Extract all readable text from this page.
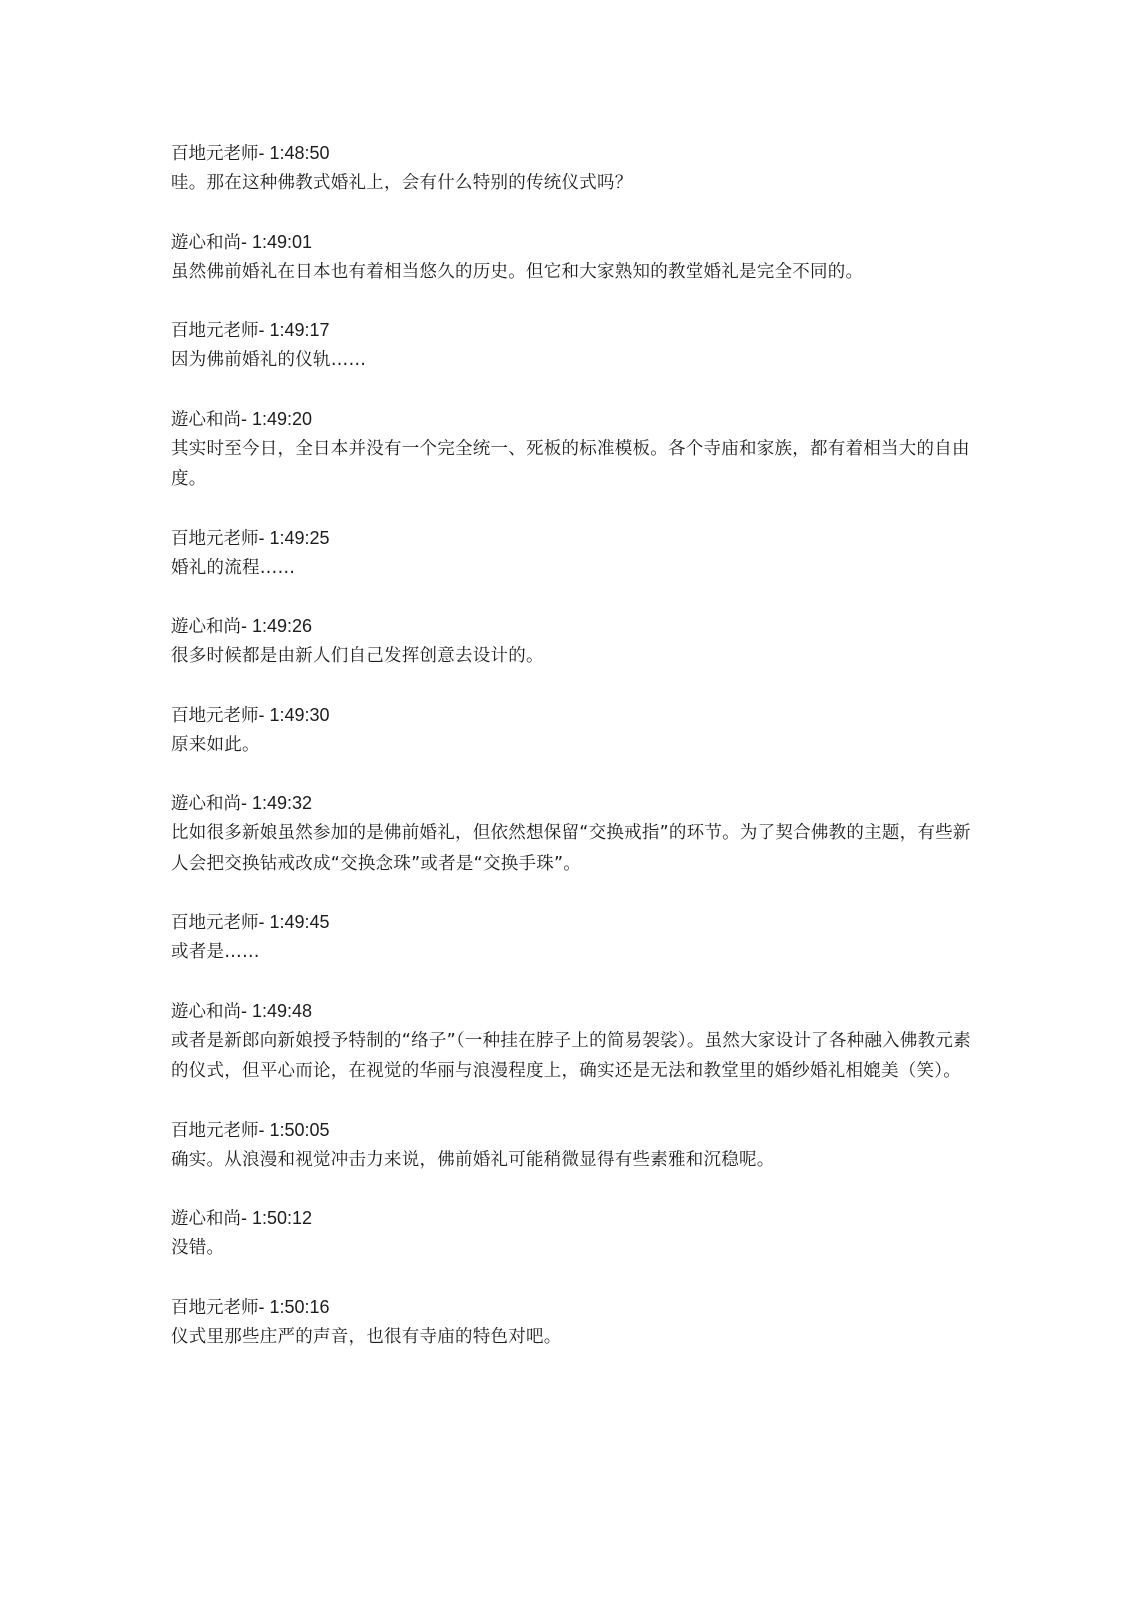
百地元老师- 1:48:50
哇。那在这种佛教式婚礼上，会有什么特别的传统仪式吗？
遊心和尚- 1:49:01
虽然佛前婚礼在日本也有着相当悠久的历史。但它和大家熟知的教堂婚礼是完全不同的。
百地元老师- 1:49:17
因为佛前婚礼的仪轨……
遊心和尚- 1:49:20
其实时至今日，全日本并没有一个完全统一、死板的标准模板。各个寺庙和家族，都有着相当大的自由度。
百地元老师- 1:49:25
婚礼的流程……
遊心和尚- 1:49:26
很多时候都是由新人们自己发挥创意去设计的。
百地元老师- 1:49:30
原来如此。
遊心和尚- 1:49:32
比如很多新娘虽然参加的是佛前婚礼，但依然想保留“交换戒指”的环节。为了契合佛教的主题，有些新人会把交换钻戒改成“交换念珠”或者是“交换手珠”。
百地元老师- 1:49:45
或者是……
遊心和尚- 1:49:48
或者是新郎向新娘授予特制的“络子”（一种挂在脖子上的简易袈裟）。虽然大家设计了各种融入佛教元素的仪式，但平心而论，在视觉的华丽与浪漫程度上，确实还是无法和教堂里的婚纱婚礼相媲美（笑）。
百地元老师- 1:50:05
确实。从浪漫和视觉冲击力来说，佛前婚礼可能稍微显得有些素雅和沉稳呢。
遊心和尚- 1:50:12
没错。
百地元老师- 1:50:16
仪式里那些庄严的声音，也很有寺庙的特色对吧。
